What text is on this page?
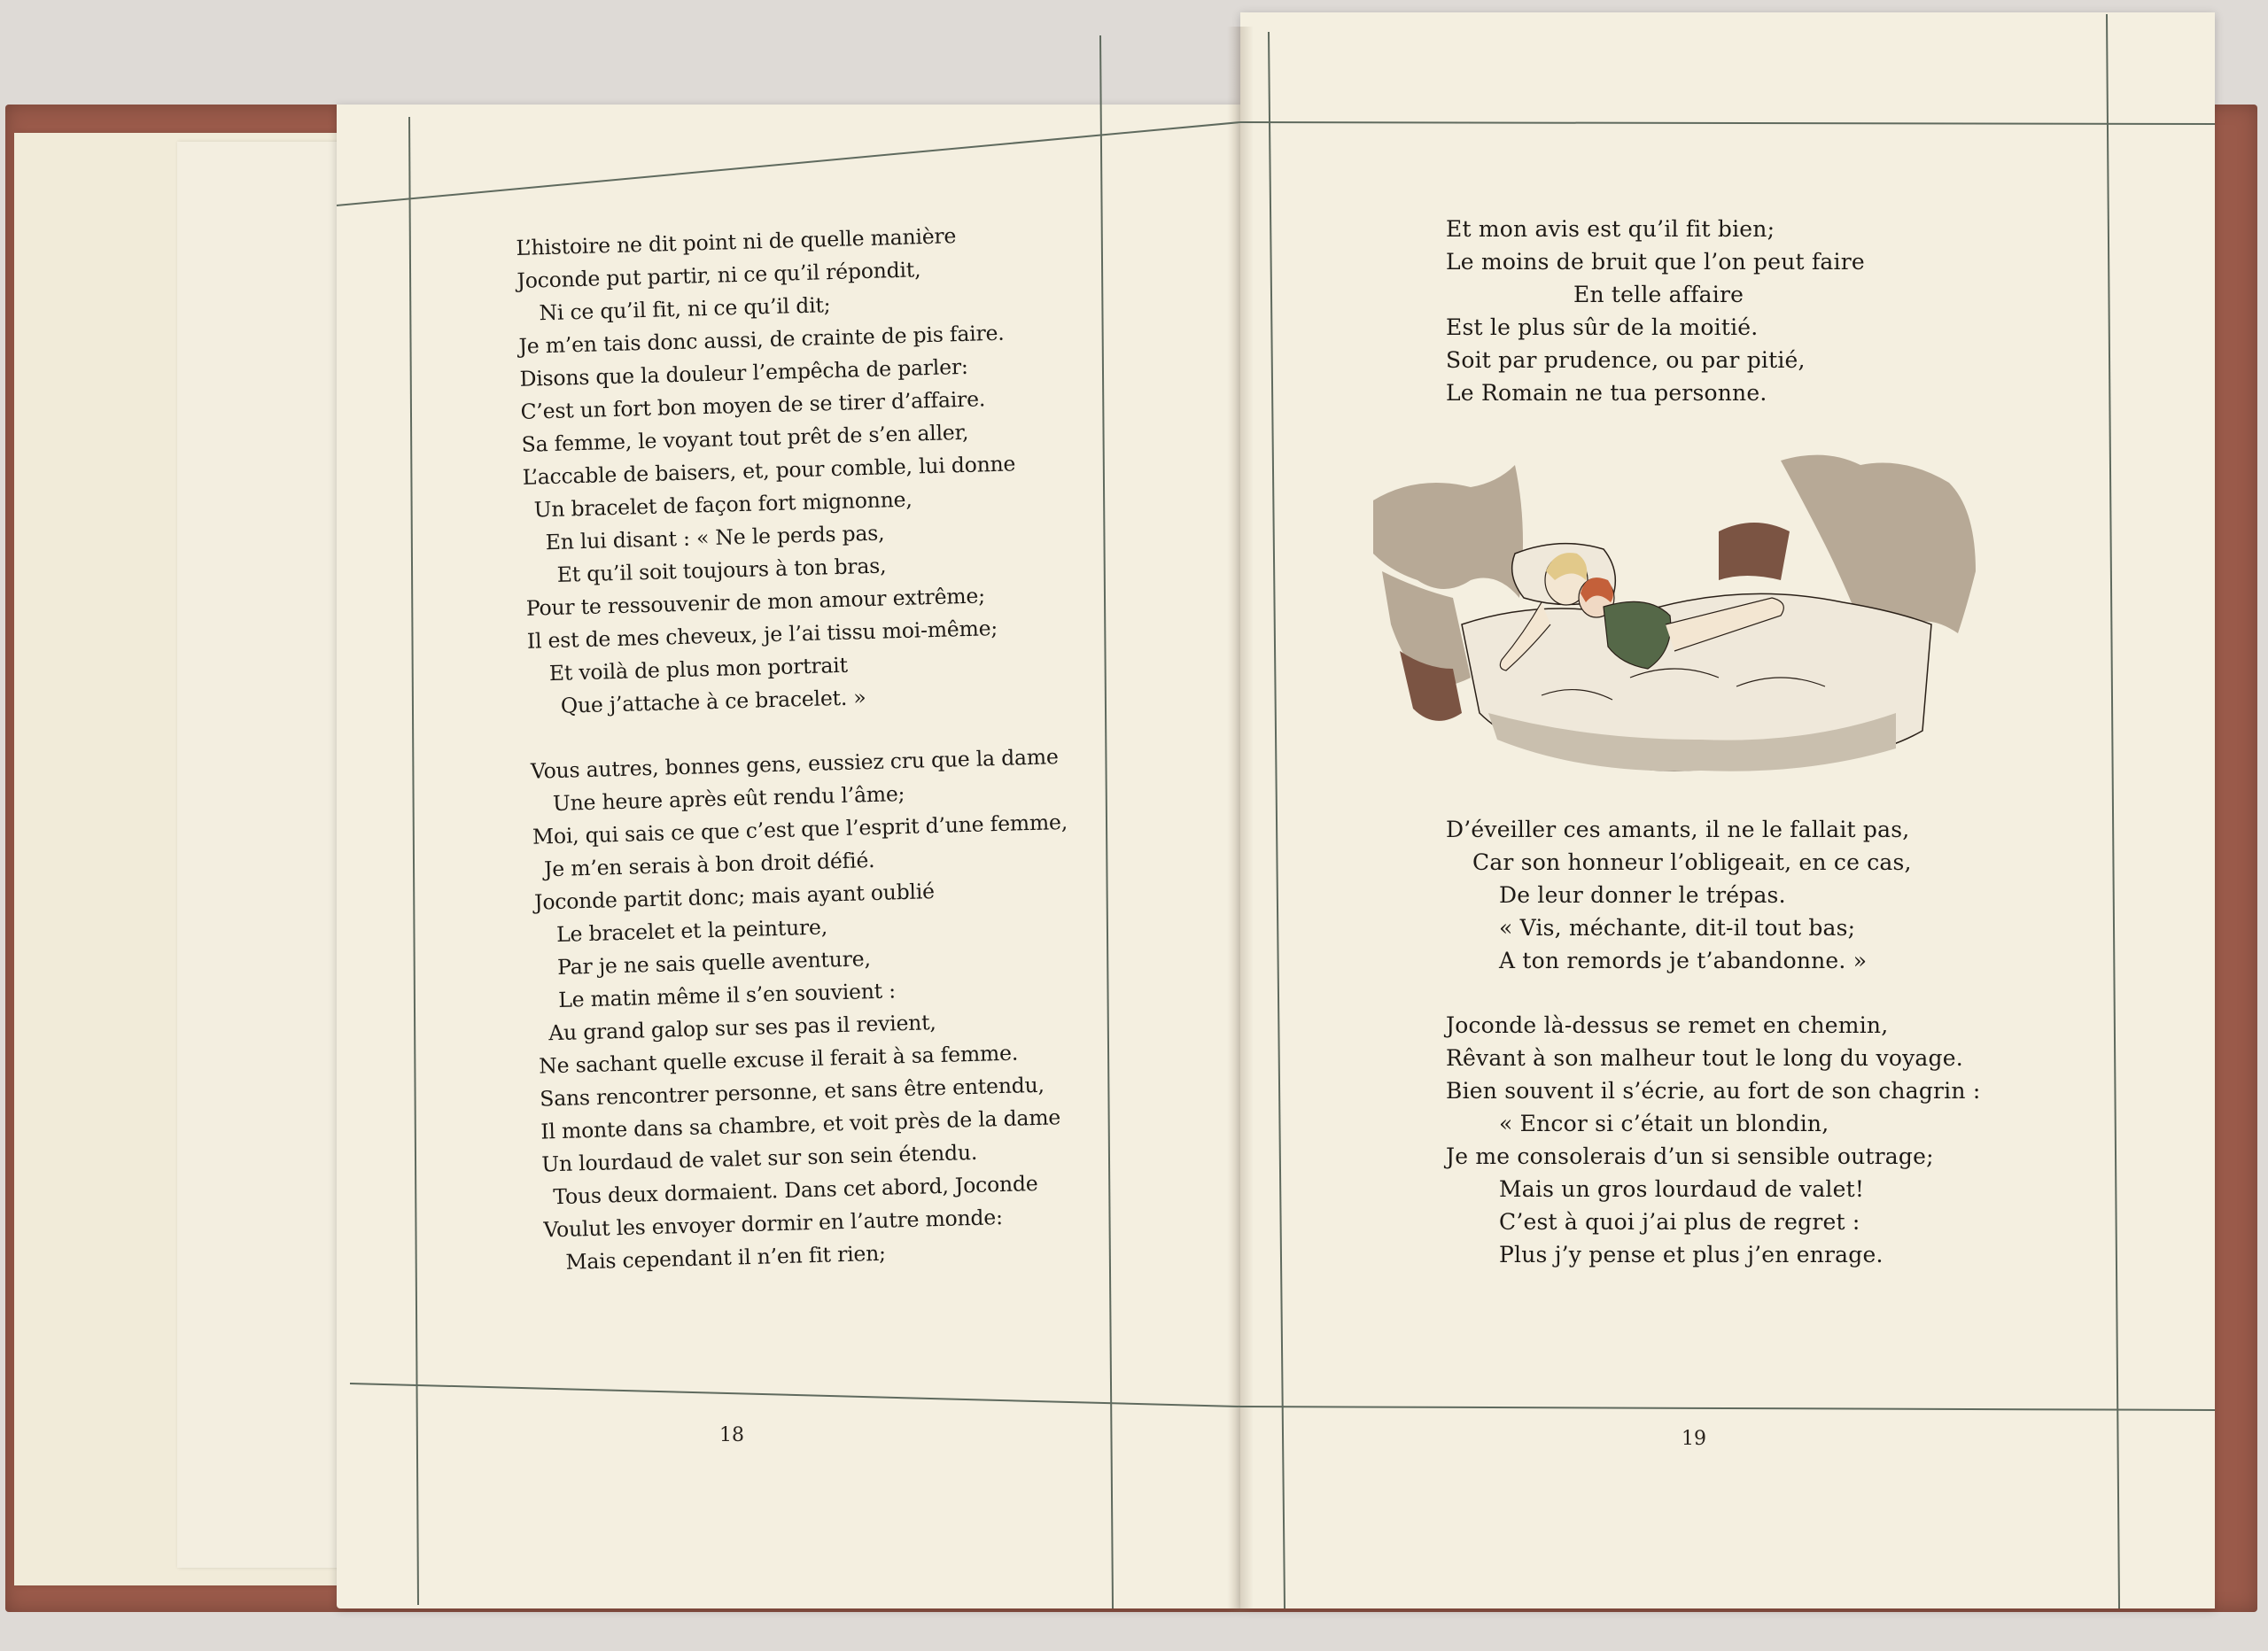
L’histoire ne dit point ni de quelle manière
Joconde put partir, ni ce qu’il répondit,
Ni ce qu’il fit, ni ce qu’il dit;
Je m’en tais donc aussi, de crainte de pis faire.
Disons que la douleur l’empêcha de parler:
C’est un fort bon moyen de se tirer d’affaire.
Sa femme, le voyant tout prêt de s’en aller,
L’accable de baisers, et, pour comble, lui donne
Un bracelet de façon fort mignonne,
En lui disant : « Ne le perds pas,
Et qu’il soit toujours à ton bras,
Pour te ressouvenir de mon amour extrême;
Il est de mes cheveux, je l’ai tissu moi-même;
Et voilà de plus mon portrait
Que j’attache à ce bracelet. »
Vous autres, bonnes gens, eussiez cru que la dame
Une heure après eût rendu l’âme;
Moi, qui sais ce que c’est que l’esprit d’une femme,
Je m’en serais à bon droit défié.
Joconde partit donc; mais ayant oublié
Le bracelet et la peinture,
Par je ne sais quelle aventure,
Le matin même il s’en souvient :
Au grand galop sur ses pas il revient,
Ne sachant quelle excuse il ferait à sa femme.
Sans rencontrer personne, et sans être entendu,
Il monte dans sa chambre, et voit près de la dame
Un lourdaud de valet sur son sein étendu.
Tous deux dormaient. Dans cet abord, Joconde
Voulut les envoyer dormir en l’autre monde:
Mais cependant il n’en fit rien;
Et mon avis est qu’il fit bien;
Le moins de bruit que l’on peut faire
En telle affaire
Est le plus sûr de la moitié.
Soit par prudence, ou par pitié,
Le Romain ne tua personne.
D’éveiller ces amants, il ne le fallait pas,
Car son honneur l’obligeait, en ce cas,
De leur donner le trépas.
« Vis, méchante, dit-il tout bas;
A ton remords je t’abandonne. »
Joconde là-dessus se remet en chemin,
Rêvant à son malheur tout le long du voyage.
Bien souvent il s’écrie, au fort de son chagrin :
« Encor si c’était un blondin,
Je me consolerais d’un si sensible outrage;
Mais un gros lourdaud de valet!
C’est à quoi j’ai plus de regret :
Plus j’y pense et plus j’en enrage.
18	19
